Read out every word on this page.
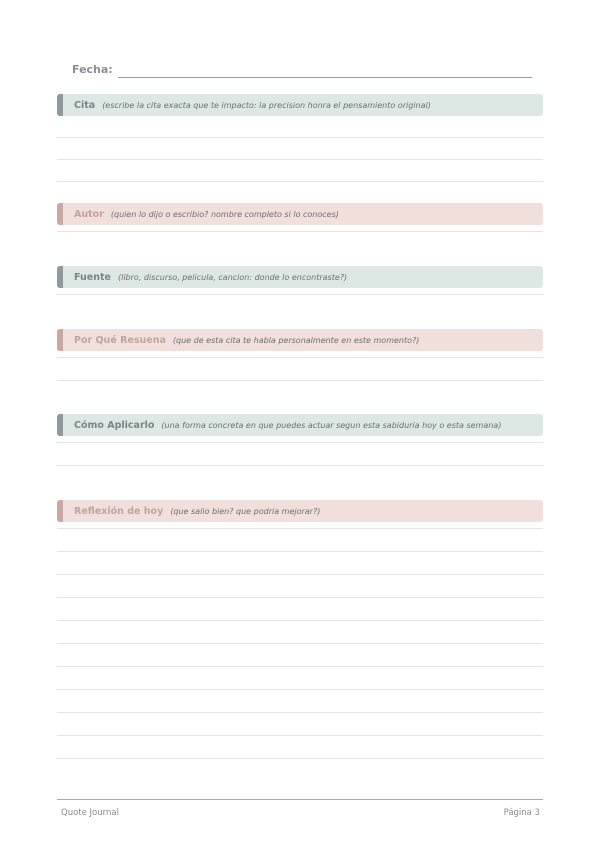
Fecha:
Cita (escribe la cita exacta que te impacto: la precision honra el pensamiento original)
Autor (quien lo dijo o escribio? nombre completo si lo conoces)
Fuente (libro, discurso, pelicula, cancion: donde lo encontraste?)
Por Qué Resuena (que de esta cita te habla personalmente en este momento?)
Cómo Aplicarlo (una forma concreta en que puedes actuar segun esta sabiduria hoy o esta semana)
Reflexión de hoy (que salio bien? que podria mejorar?)
Quote Journal	Página 3
